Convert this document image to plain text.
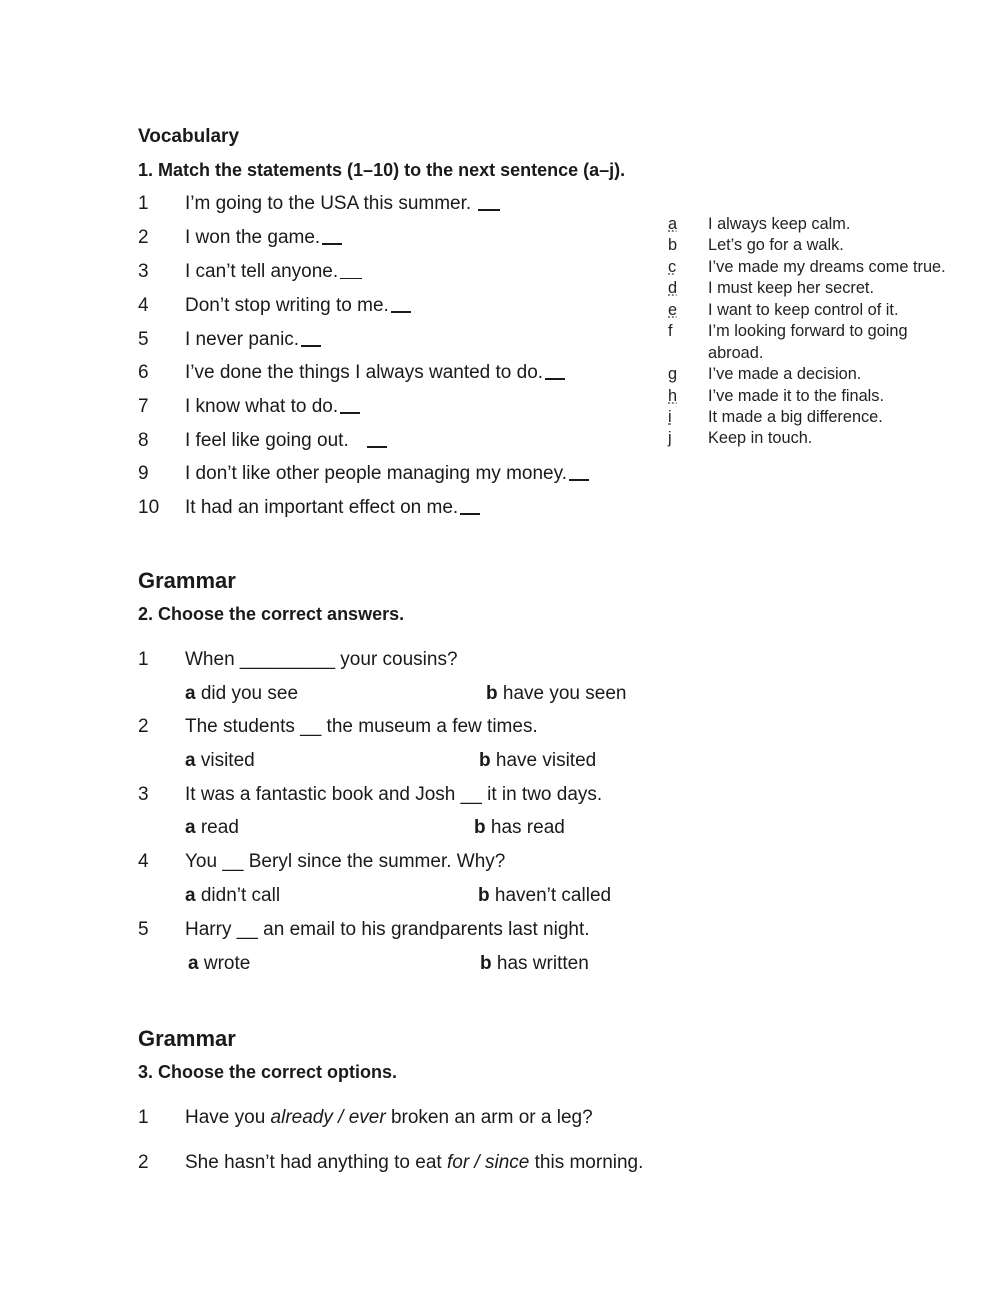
Vocabulary
1. Match the statements (1–10) to the next sentence (a–j).
1 I’m going to the USA this summer.
2 I won the game.
3 I can’t tell anyone.
4 Don’t stop writing to me.
5 I never panic.
6 I’ve done the things I always wanted to do.
7 I know what to do.
8 I feel like going out.
9 I don’t like other people managing my money.
10 It had an important effect on me.
a I always keep calm.
b Let’s go for a walk.
c I’ve made my dreams come true.
d I must keep her secret.
e I want to keep control of it.
f I’m looking forward to going
abroad.
g I’ve made a decision.
h I’ve made it to the finals.
i It made a big difference.
j Keep in touch.
Grammar
2. Choose the correct answers.
1 When _________ your cousins?
a did you see	b have you seen
2 The students __ the museum a few times.
a visited	b have visited
3 It was a fantastic book and Josh __ it in two days.
a read	b has read
4 You __ Beryl since the summer. Why?
a didn’t call	b haven’t called
5 Harry __ an email to his grandparents last night.
a wrote	b has written
Grammar
3. Choose the correct options.
1 Have you already / ever broken an arm or a leg?
2 She hasn’t had anything to eat for / since this morning.
